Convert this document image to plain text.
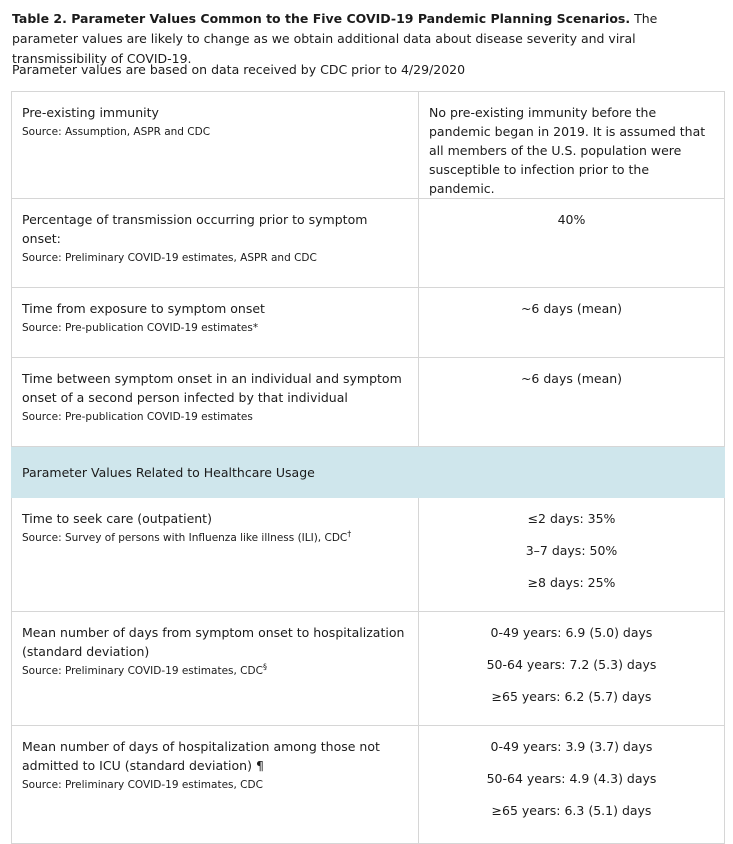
Table 2. Parameter Values Common to the Five COVID-19 Pandemic Planning Scenarios. The parameter values are likely to change as we obtain additional data about disease severity and viral transmissibility of COVID-19.
Parameter values are based on data received by CDC prior to 4/29/2020
Pre-existing immunity
Source: Assumption, ASPR and CDC	No pre-existing immunity before the pandemic began in 2019. It is assumed that all members of the U.S. population were susceptible to infection prior to the pandemic.

Percentage of transmission occurring prior to symptom onset:
Source: Preliminary COVID-19 estimates, ASPR and CDC	40%

Time from exposure to symptom onset
Source: Pre-publication COVID-19 estimates*	~6 days (mean)

Time between symptom onset in an individual and symptom onset of a second person infected by that individual
Source: Pre-publication COVID-19 estimates	~6 days (mean)

Parameter Values Related to Healthcare Usage	

Time to seek care (outpatient)
Source: Survey of persons with Influenza like illness (ILI), CDC†	≤2 days: 35%
3–7 days: 50%
≥8 days: 25%

Mean number of days from symptom onset to hospitalization (standard deviation)
Source: Preliminary COVID-19 estimates, CDC§	0-49 years: 6.9 (5.0) days
50-64 years: 7.2 (5.3) days
≥65 years: 6.2 (5.7) days

Mean number of days of hospitalization among those not admitted to ICU (standard deviation) ¶
Source: Preliminary COVID-19 estimates, CDC	0-49 years: 3.9 (3.7) days
50-64 years: 4.9 (4.3) days
≥65 years: 6.3 (5.1) days
